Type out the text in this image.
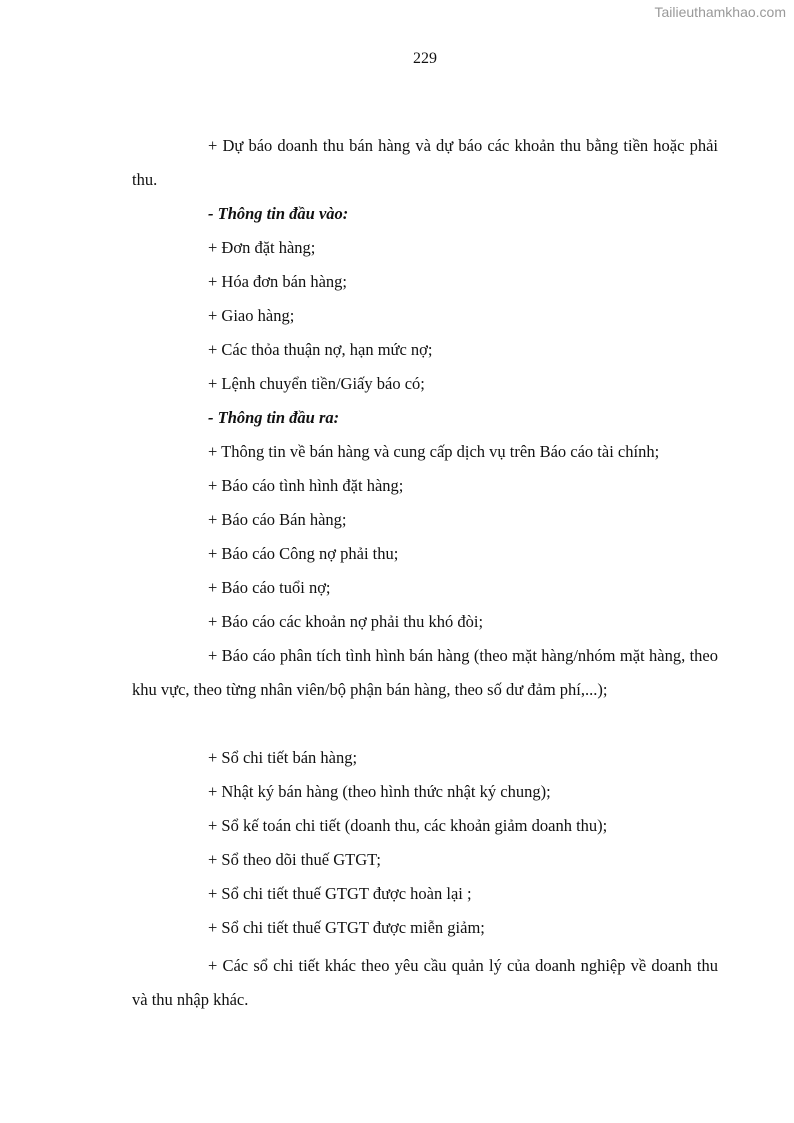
Tailieuthamkhao.com
229
+ Dự báo doanh thu bán hàng và dự báo các khoản thu bằng tiền hoặc phải thu.
- Thông tin đầu vào:
+ Đơn đặt hàng;
+ Hóa đơn bán hàng;
+ Giao hàng;
+ Các thỏa thuận nợ, hạn mức nợ;
+ Lệnh chuyển tiền/Giấy báo có;
- Thông tin đầu ra:
+ Thông tin về bán hàng và cung cấp dịch vụ trên Báo cáo tài chính;
+ Báo cáo tình hình đặt hàng;
+ Báo cáo Bán hàng;
+ Báo cáo Công nợ phải thu;
+ Báo cáo tuổi nợ;
+ Báo cáo các khoản nợ phải thu khó đòi;
+ Báo cáo phân tích tình hình bán hàng (theo mặt hàng/nhóm mặt hàng, theo khu vực, theo từng nhân viên/bộ phận bán hàng, theo số dư đảm phí,...);
+ Sổ chi tiết bán hàng;
+ Nhật ký bán hàng (theo hình thức nhật ký chung);
+ Sổ kế toán chi tiết (doanh thu, các khoản giảm doanh thu);
+ Sổ theo dõi thuế GTGT;
+ Sổ chi tiết thuế GTGT được hoàn lại ;
+ Sổ chi tiết thuế GTGT được miễn giảm;
+ Các sổ chi tiết khác theo yêu cầu quản lý của doanh nghiệp về doanh thu và thu nhập khác.
